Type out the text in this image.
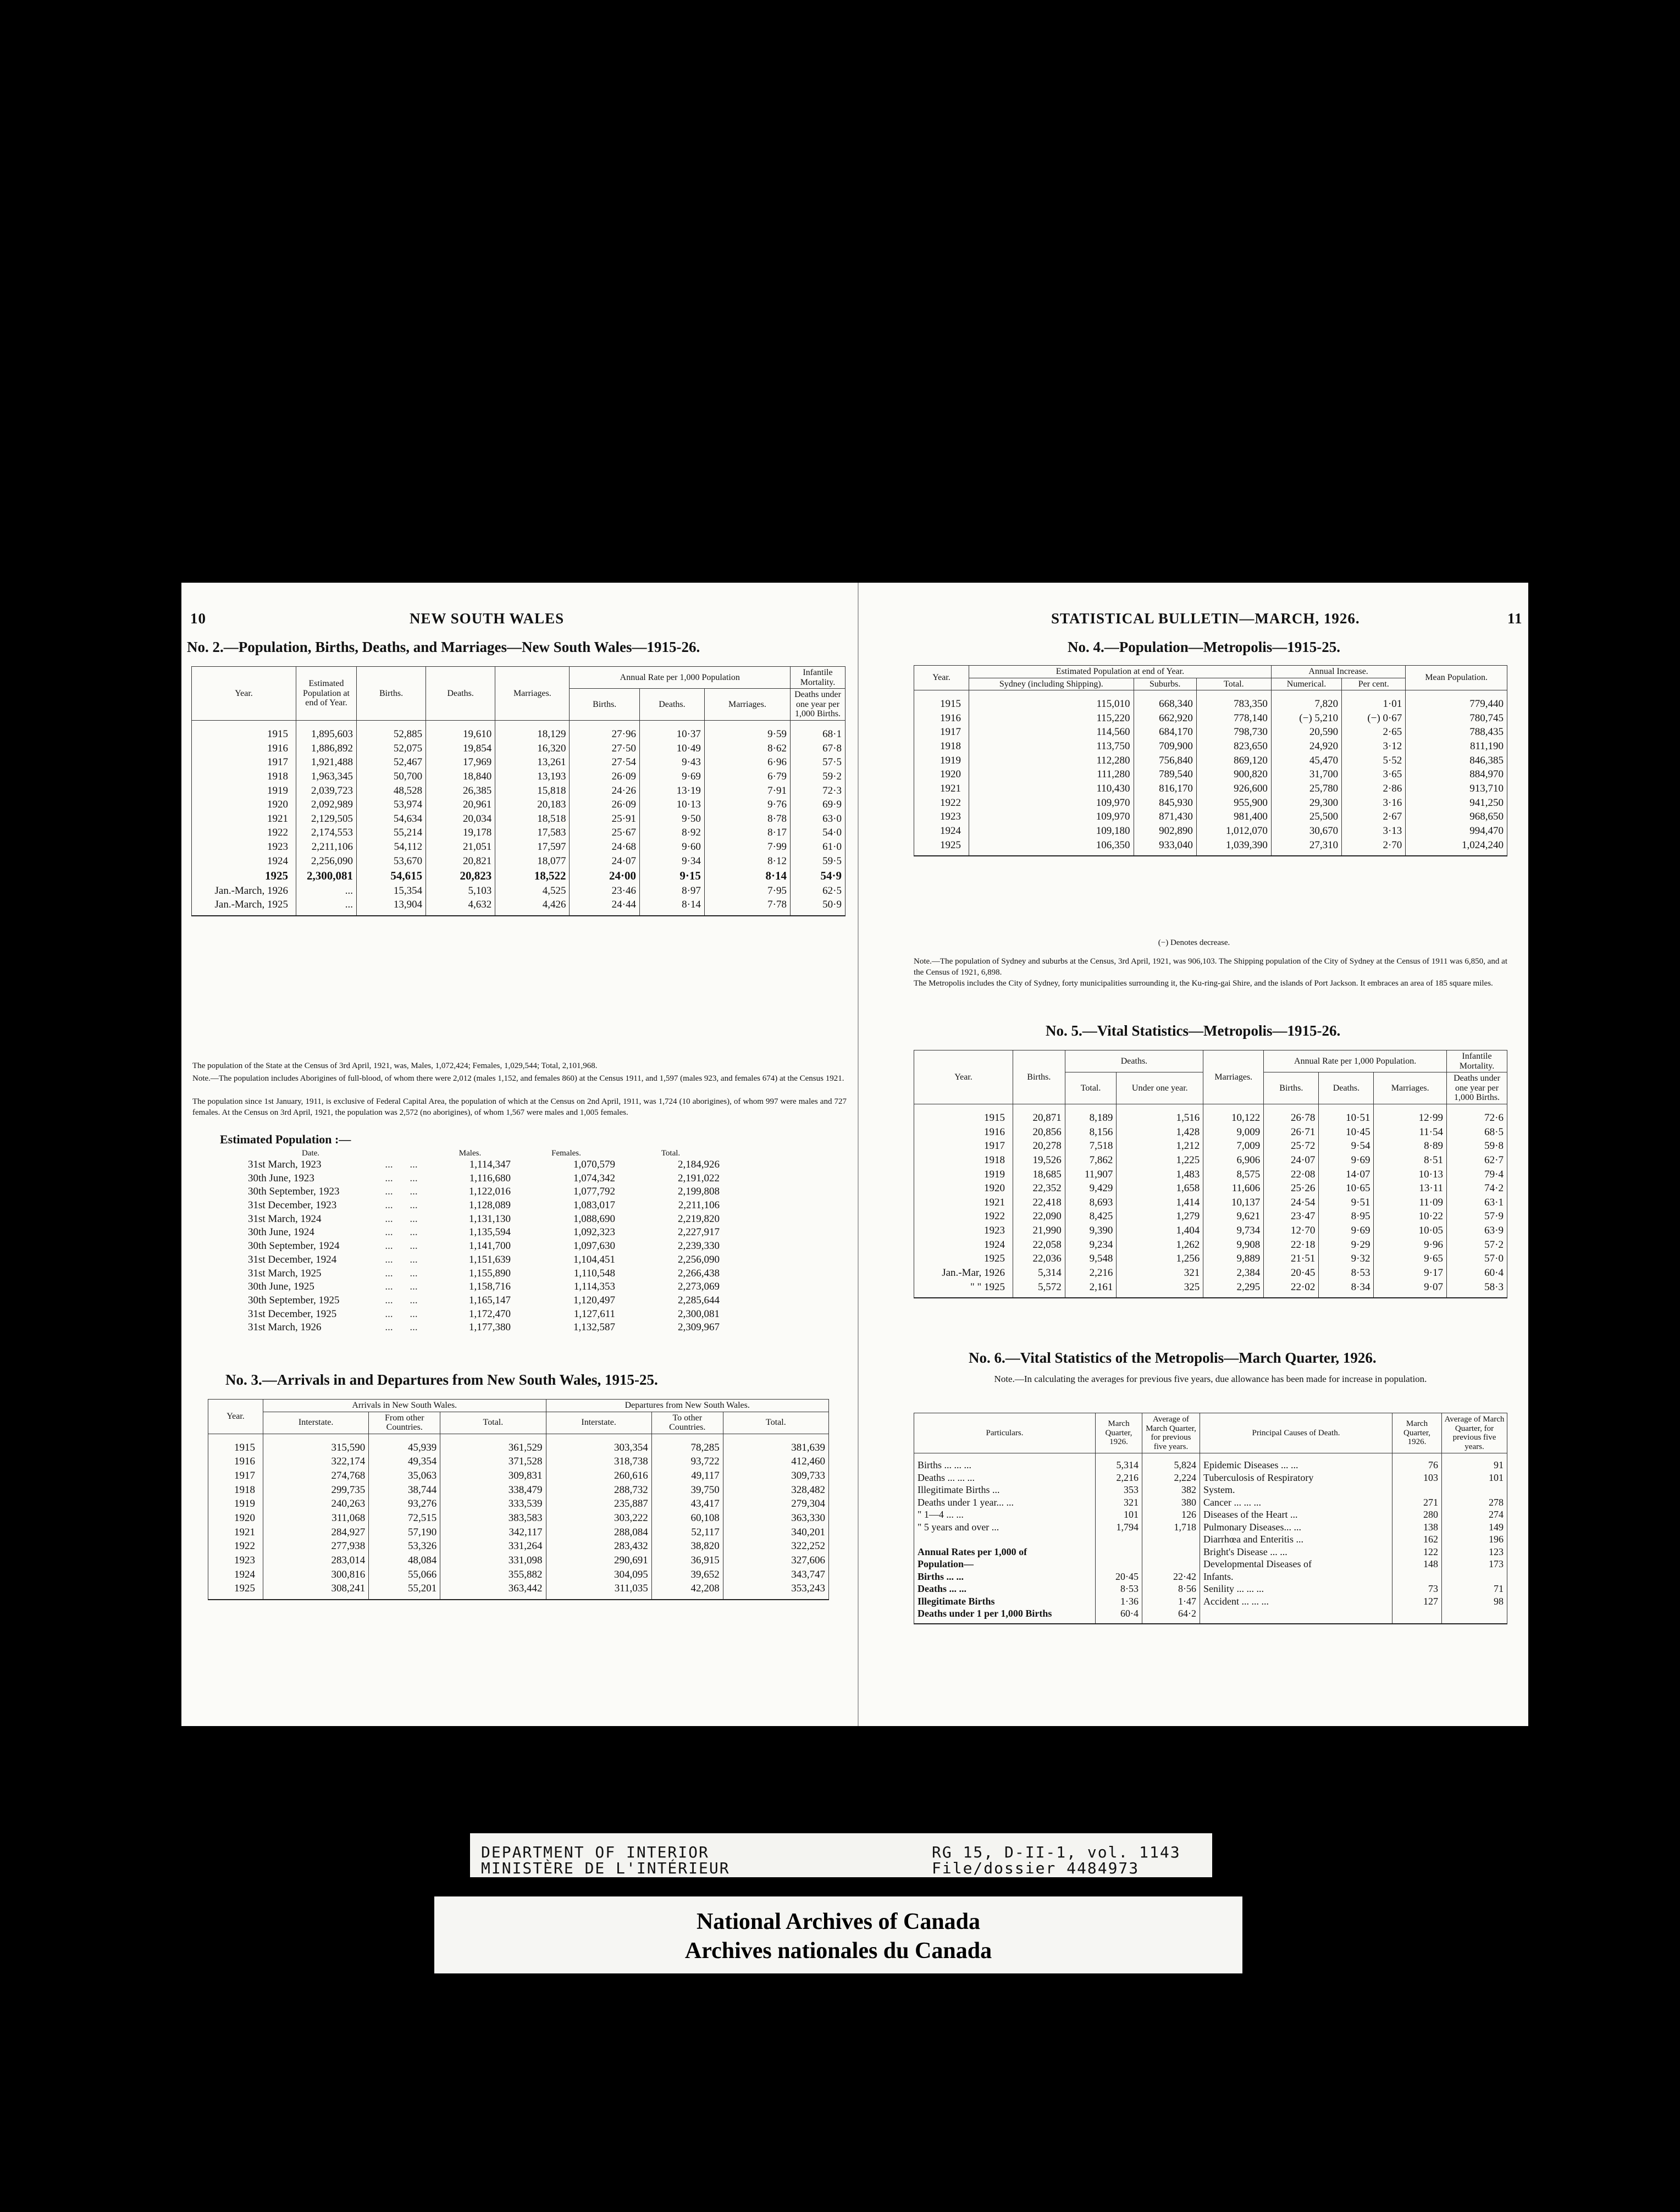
10	NEW SOUTH WALES
No. 2.—Population, Births, Deaths, and Marriages—New South Wales—1915-26.
Year.	Estimated Population at end of Year.	Births.	Deaths.	Marriages.	Annual Rate per 1,000 Population			Infantile Mortality.
					Births.	Deaths.	Marriages.	Deaths under one year per 1,000 Births.
1915	1,895,603	52,885	19,610	18,129	27·96	10·37	9·59	68·1
1916	1,886,892	52,075	19,854	16,320	27·50	10·49	8·62	67·8
1917	1,921,488	52,467	17,969	13,261	27·54	9·43	6·96	57·5
1918	1,963,345	50,700	18,840	13,193	26·09	9·69	6·79	59·2
1919	2,039,723	48,528	26,385	15,818	24·26	13·19	7·91	72·3
1920	2,092,989	53,974	20,961	20,183	26·09	10·13	9·76	69·9
1921	2,129,505	54,634	20,034	18,518	25·91	9·50	8·78	63·0
1922	2,174,553	55,214	19,178	17,583	25·67	8·92	8·17	54·0
1923	2,211,106	54,112	21,051	17,597	24·68	9·60	7·99	61·0
1924	2,256,090	53,670	20,821	18,077	24·07	9·34	8·12	59·5
1925	2,300,081	54,615	20,823	18,522	24·00	9·15	8·14	54·9
Jan.-March, 1926	...	15,354	5,103	4,525	23·46	8·97	7·95	62·5
Jan.-March, 1925	...	13,904	4,632	4,426	24·44	8·14	7·78	50·9
The population of the State at the Census of 3rd April, 1921, was, Males, 1,072,424; Females, 1,029,544; Total, 2,101,968.
Note.—The population includes Aborigines of full-blood, of whom there were 2,012 (males 1,152, and females 860) at the Census 1911, and 1,597 (males 923, and females 674) at the Census 1921.
The population since 1st January, 1911, is exclusive of Federal Capital Area, the population of which at the Census on 2nd April, 1911, was 1,724 (10 aborigines), of whom 997 were males and 727 females. At the Census on 3rd April, 1921, the population was 2,572 (no aborigines), of whom 1,567 were males and 1,005 females.
Estimated Population :—
Date.			Males.	Females.	Total.
31st March, 1923	...	...	1,114,347	1,070,579	2,184,926
30th June, 1923	...	...	1,116,680	1,074,342	2,191,022
30th September, 1923	...	...	1,122,016	1,077,792	2,199,808
31st December, 1923	...	...	1,128,089	1,083,017	2,211,106
31st March, 1924	...	...	1,131,130	1,088,690	2,219,820
30th June, 1924	...	...	1,135,594	1,092,323	2,227,917
30th September, 1924	...	...	1,141,700	1,097,630	2,239,330
31st December, 1924	...	...	1,151,639	1,104,451	2,256,090
31st March, 1925	...	...	1,155,890	1,110,548	2,266,438
30th June, 1925	...	...	1,158,716	1,114,353	2,273,069
30th September, 1925	...	...	1,165,147	1,120,497	2,285,644
31st December, 1925	...	...	1,172,470	1,127,611	2,300,081
31st March, 1926	...	...	1,177,380	1,132,587	2,309,967
No. 3.—Arrivals in and Departures from New South Wales, 1915-25.
Year.	Arrivals in New South Wales.			Departures from New South Wales.		
	Interstate.	From other Countries.	Total.	Interstate.	To other Countries.	Total.
1915	315,590	45,939	361,529	303,354	78,285	381,639
1916	322,174	49,354	371,528	318,738	93,722	412,460
1917	274,768	35,063	309,831	260,616	49,117	309,733
1918	299,735	38,744	338,479	288,732	39,750	328,482
1919	240,263	93,276	333,539	235,887	43,417	279,304
1920	311,068	72,515	383,583	303,222	60,108	363,330
1921	284,927	57,190	342,117	288,084	52,117	340,201
1922	277,938	53,326	331,264	283,432	38,820	322,252
1923	283,014	48,084	331,098	290,691	36,915	327,606
1924	300,816	55,066	355,882	304,095	39,652	343,747
1925	308,241	55,201	363,442	311,035	42,208	353,243
STATISTICAL BULLETIN—MARCH, 1926.	11
No. 4.—Population—Metropolis—1915-25.
Year.	Estimated Population at end of Year.			Annual Increase.		Mean Population.
	Sydney (including Shipping).	Suburbs.	Total.	Numerical.	Per cent.	
1915	115,010	668,340	783,350	7,820	1·01	779,440
1916	115,220	662,920	778,140	(−) 5,210	(−) 0·67	780,745
1917	114,560	684,170	798,730	20,590	2·65	788,435
1918	113,750	709,900	823,650	24,920	3·12	811,190
1919	112,280	756,840	869,120	45,470	5·52	846,385
1920	111,280	789,540	900,820	31,700	3·65	884,970
1921	110,430	816,170	926,600	25,780	2·86	913,710
1922	109,970	845,930	955,900	29,300	3·16	941,250
1923	109,970	871,430	981,400	25,500	2·67	968,650
1924	109,180	902,890	1,012,070	30,670	3·13	994,470
1925	106,350	933,040	1,039,390	27,310	2·70	1,024,240
(−) Denotes decrease.
Note.—The population of Sydney and suburbs at the Census, 3rd April, 1921, was 906,103. The Shipping population of the City of Sydney at the Census of 1911 was 6,850, and at the Census of 1921, 6,898.
The Metropolis includes the City of Sydney, forty municipalities surrounding it, the Ku-ring-gai Shire, and the islands of Port Jackson. It embraces an area of 185 square miles.
No. 5.—Vital Statistics—Metropolis—1915-26.
Year.	Births.	Deaths.		Marriages.	Annual Rate per 1,000 Population.			Infantile Mortality.
		Total.	Under one year.		Births.	Deaths.	Marriages.	Deaths under one year per 1,000 Births.
1915	20,871	8,189	1,516	10,122	26·78	10·51	12·99	72·6
1916	20,856	8,156	1,428	9,009	26·71	10·45	11·54	68·5
1917	20,278	7,518	1,212	7,009	25·72	9·54	8·89	59·8
1918	19,526	7,862	1,225	6,906	24·07	9·69	8·51	62·7
1919	18,685	11,907	1,483	8,575	22·08	14·07	10·13	79·4
1920	22,352	9,429	1,658	11,606	25·26	10·65	13·11	74·2
1921	22,418	8,693	1,414	10,137	24·54	9·51	11·09	63·1
1922	22,090	8,425	1,279	9,621	23·47	8·95	10·22	57·9
1923	21,990	9,390	1,404	9,734	12·70	9·69	10·05	63·9
1924	22,058	9,234	1,262	9,908	22·18	9·29	9·96	57·2
1925	22,036	9,548	1,256	9,889	21·51	9·32	9·65	57·0
Jan.-Mar, 1926	5,314	2,216	321	2,384	20·45	8·53	9·17	60·4
" " 1925	5,572	2,161	325	2,295	22·02	8·34	9·07	58·3
No. 6.—Vital Statistics of the Metropolis—March Quarter, 1926.
Note.—In calculating the averages for previous five years, due allowance has been made for increase in population.
Particulars.	March Quarter, 1926.	Average of March Quarter, for previous five years.	Principal Causes of Death.	March Quarter, 1926.	Average of March Quarter, for previous five years.
Births ... ... ...	5,314	5,824	Epidemic Diseases ... ...	76	91
Deaths ... ... ...	2,216	2,224	Tuberculosis of Respiratory	103	101
Illegitimate Births ...	353	382	System.		
Deaths under 1 year... ...	321	380	Cancer ... ... ...	271	278
" 1—4 ... ...	101	126	Diseases of the Heart ...	280	274
" 5 years and over ...	1,794	1,718	Pulmonary Diseases... ...	138	149
			Diarrhœa and Enteritis ...	162	196
Annual Rates per 1,000 of			Bright's Disease ... ...	122	123
Population—			Developmental Diseases of	148	173
Births ... ...	20·45	22·42	Infants.		
Deaths ... ...	8·53	8·56	Senility ... ... ...	73	71
Illegitimate Births	1·36	1·47	Accident ... ... ...	127	98
Deaths under 1 per 1,000 Births	60·4	64·2			
DEPARTMENT OF INTERIOR
MINISTÈRE DE L'INTÉRIEUR
RG 15, D-II-1, vol. 1143
File/dossier 4484973
National Archives of Canada
Archives nationales du Canada
